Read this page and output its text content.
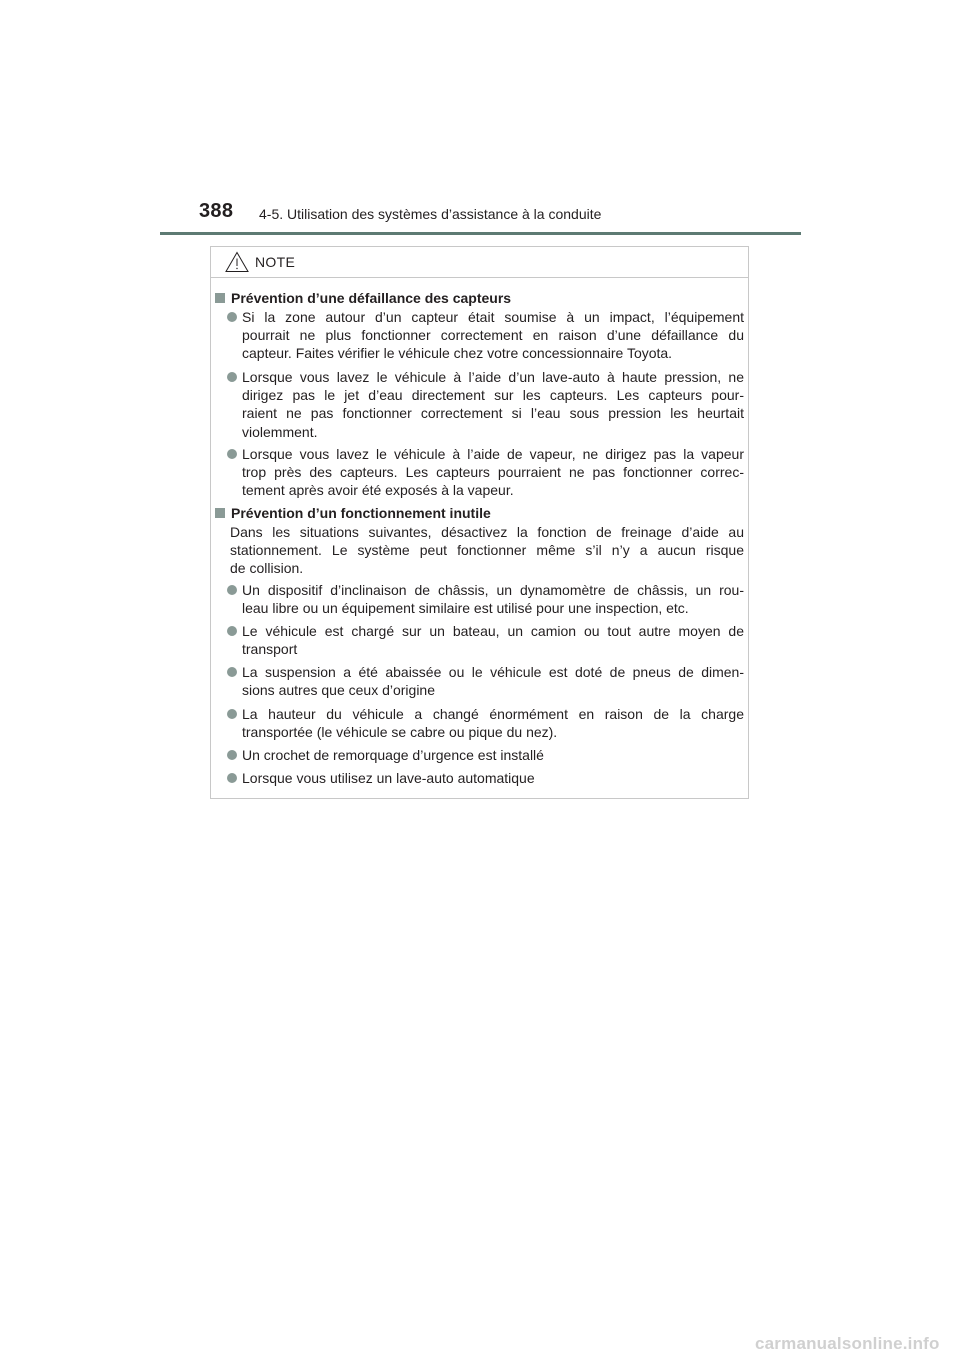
388 4-5. Utilisation des systèmes d’assistance à la conduite
NOTE
Prévention d’une défaillance des capteurs
Si la zone autour d’un capteur était soumise à un impact, l’équipement
pourrait ne plus fonctionner correctement en raison d’une défaillance du
capteur. Faites vérifier le véhicule chez votre concessionnaire Toyota.
Lorsque vous lavez le véhicule à l’aide d’un lave-auto à haute pression, ne
dirigez pas le jet d’eau directement sur les capteurs. Les capteurs pour-
raient ne pas fonctionner correctement si l’eau sous pression les heurtait
violemment.
Lorsque vous lavez le véhicule à l’aide de vapeur, ne dirigez pas la vapeur
trop près des capteurs. Les capteurs pourraient ne pas fonctionner correc-
tement après avoir été exposés à la vapeur.
Prévention d’un fonctionnement inutile
Dans les situations suivantes, désactivez la fonction de freinage d’aide au
stationnement. Le système peut fonctionner même s’il n’y a aucun risque
de collision.
Un dispositif d’inclinaison de châssis, un dynamomètre de châssis, un rou-
leau libre ou un équipement similaire est utilisé pour une inspection, etc.
Le véhicule est chargé sur un bateau, un camion ou tout autre moyen de
transport
La suspension a été abaissée ou le véhicule est doté de pneus de dimen-
sions autres que ceux d’origine
La hauteur du véhicule a changé énormément en raison de la charge
transportée (le véhicule se cabre ou pique du nez).
Un crochet de remorquage d’urgence est installé
Lorsque vous utilisez un lave-auto automatique
carmanualsonline.info
